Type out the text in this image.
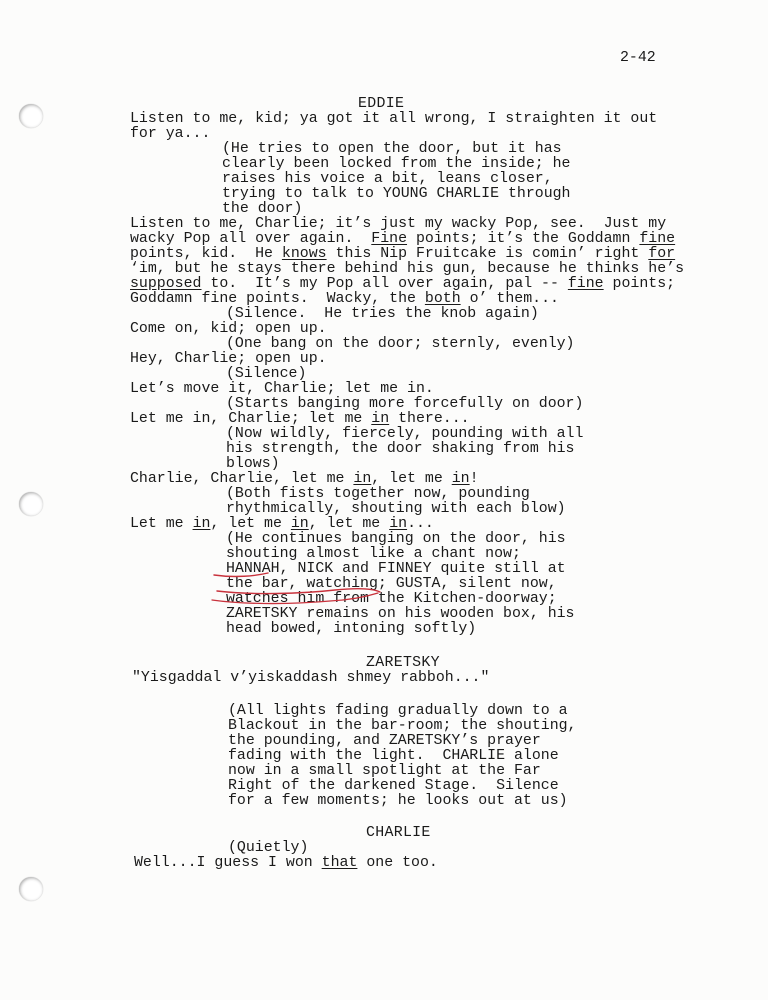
2-42
EDDIE
Listen to me, kid; ya got it all wrong, I straighten it out
for ya...
(He tries to open the door, but it has
clearly been locked from the inside; he
raises his voice a bit, leans closer,
trying to talk to YOUNG CHARLIE through
the door)
Listen to me, Charlie; it’s just my wacky Pop, see.  Just my
wacky Pop all over again.  Fine points; it’s the Goddamn fine
points, kid.  He knows this Nip Fruitcake is comin’ right for
‘im, but he stays there behind his gun, because he thinks he’s
supposed to.  It’s my Pop all over again, pal -- fine points;
Goddamn fine points.  Wacky, the both o’ them...
(Silence.  He tries the knob again)
Come on, kid; open up.
(One bang on the door; sternly, evenly)
Hey, Charlie; open up.
(Silence)
Let’s move it, Charlie; let me in.
(Starts banging more forcefully on door)
Let me in, Charlie; let me in there...
(Now wildly, fiercely, pounding with all
his strength, the door shaking from his
blows)
Charlie, Charlie, let me in, let me in!
(Both fists together now, pounding
rhythmically, shouting with each blow)
Let me in, let me in, let me in...
(He continues banging on the door, his
shouting almost like a chant now;
HANNAH, NICK and FINNEY quite still at
the bar, watching; GUSTA, silent now,
watches him from the Kitchen-doorway;
ZARETSKY remains on his wooden box, his
head bowed, intoning softly)
ZARETSKY
"Yisgaddal v’yiskaddash shmey rabboh..."
(All lights fading gradually down to a
Blackout in the bar-room; the shouting,
the pounding, and ZARETSKY’s prayer
fading with the light.  CHARLIE alone
now in a small spotlight at the Far
Right of the darkened Stage.  Silence
for a few moments; he looks out at us)
CHARLIE
(Quietly)
Well...I guess I won that one too.
